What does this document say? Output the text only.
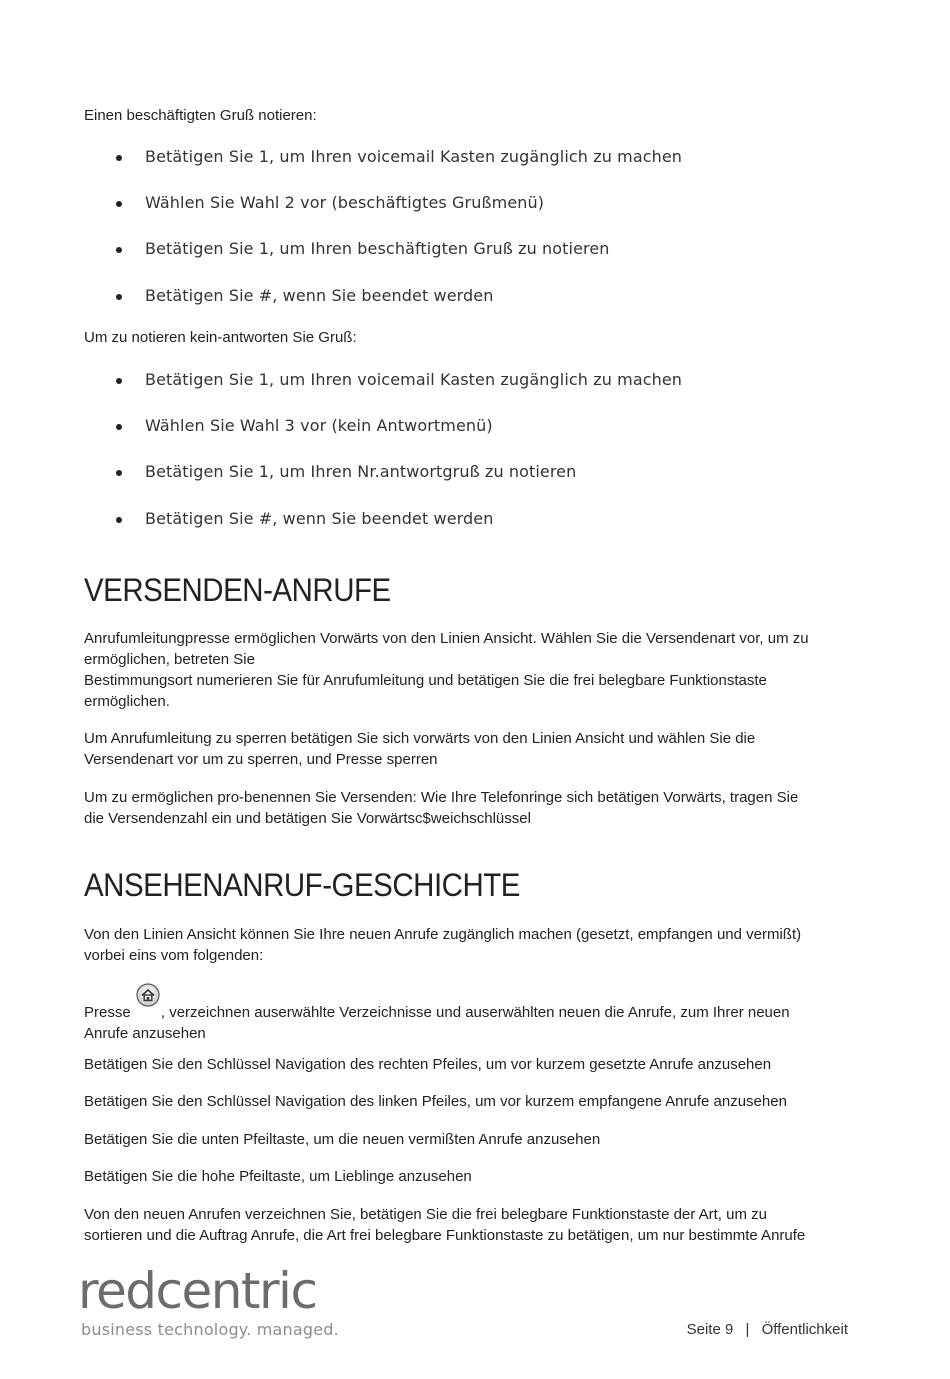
Einen beschäftigten Gruß notieren:
Betätigen Sie 1, um Ihren voicemail Kasten zugänglich zu machen
Wählen Sie Wahl 2 vor (beschäftigtes Grußmenü)
Betätigen Sie 1, um Ihren beschäftigten Gruß zu notieren
Betätigen Sie #, wenn Sie beendet werden
Um zu notieren kein-antworten Sie Gruß:
Betätigen Sie 1, um Ihren voicemail Kasten zugänglich zu machen
Wählen Sie Wahl 3 vor (kein Antwortmenü)
Betätigen Sie 1, um Ihren Nr.antwortgruß zu notieren
Betätigen Sie #, wenn Sie beendet werden
VERSENDEN-ANRUFE
Anrufumleitungpresse ermöglichen Vorwärts von den Linien Ansicht. Wählen Sie die Versendenart vor, um zu
ermöglichen, betreten Sie
Bestimmungsort numerieren Sie für Anrufumleitung und betätigen Sie die frei belegbare Funktionstaste
ermöglichen.
Um Anrufumleitung zu sperren betätigen Sie sich vorwärts von den Linien Ansicht und wählen Sie die
Versendenart vor um zu sperren, und Presse sperren
Um zu ermöglichen pro-benennen Sie Versenden: Wie Ihre Telefonringe sich betätigen Vorwärts, tragen Sie
die Versendenzahl ein und betätigen Sie Vorwärtsc$weichschlüssel
ANSEHENANRUF-GESCHICHTE
Von den Linien Ansicht können Sie Ihre neuen Anrufe zugänglich machen (gesetzt, empfangen und vermißt)
vorbei eins vom folgenden:
Presse , verzeichnen auserwählte Verzeichnisse und auserwählten neuen die Anrufe, zum Ihrer neuen
Anrufe anzusehen
Betätigen Sie den Schlüssel Navigation des rechten Pfeiles, um vor kurzem gesetzte Anrufe anzusehen
Betätigen Sie den Schlüssel Navigation des linken Pfeiles, um vor kurzem empfangene Anrufe anzusehen
Betätigen Sie die unten Pfeiltaste, um die neuen vermißten Anrufe anzusehen
Betätigen Sie die hohe Pfeiltaste, um Lieblinge anzusehen
Von den neuen Anrufen verzeichnen Sie, betätigen Sie die frei belegbare Funktionstaste der Art, um zu
sortieren und die Auftrag Anrufe, die Art frei belegbare Funktionstaste zu betätigen, um nur bestimmte Anrufe
redcentric
business technology. managed.	Seite 9 | Öffentlichkeit
